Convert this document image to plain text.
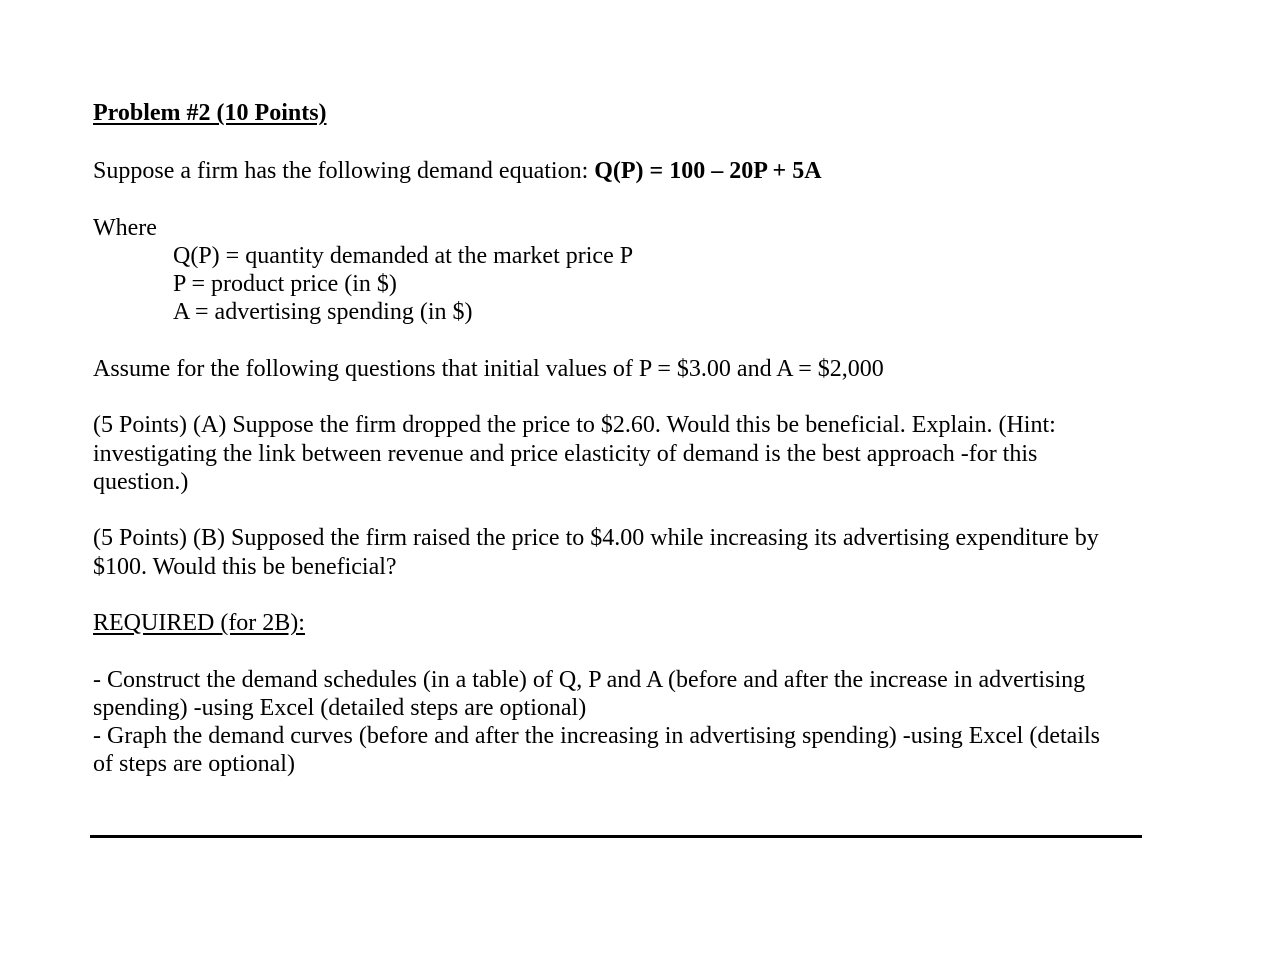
Problem #2 (10 Points)
Suppose a firm has the following demand equation: Q(P) = 100 – 20P + 5A
Where
Q(P) = quantity demanded at the market price P
P = product price (in $)
A = advertising spending (in $)
Assume for the following questions that initial values of P = $3.00 and A = $2,000
(5 Points) (A) Suppose the firm dropped the price to $2.60. Would this be beneficial. Explain. (Hint:
investigating the link between revenue and price elasticity of demand is the best approach -for this
question.)
(5 Points) (B) Supposed the firm raised the price to $4.00 while increasing its advertising expenditure by
$100. Would this be beneficial?
REQUIRED (for 2B):
- Construct the demand schedules (in a table) of Q, P and A (before and after the increase in advertising
spending) -using Excel (detailed steps are optional)
- Graph the demand curves (before and after the increasing in advertising spending) -using Excel (details
of steps are optional)
